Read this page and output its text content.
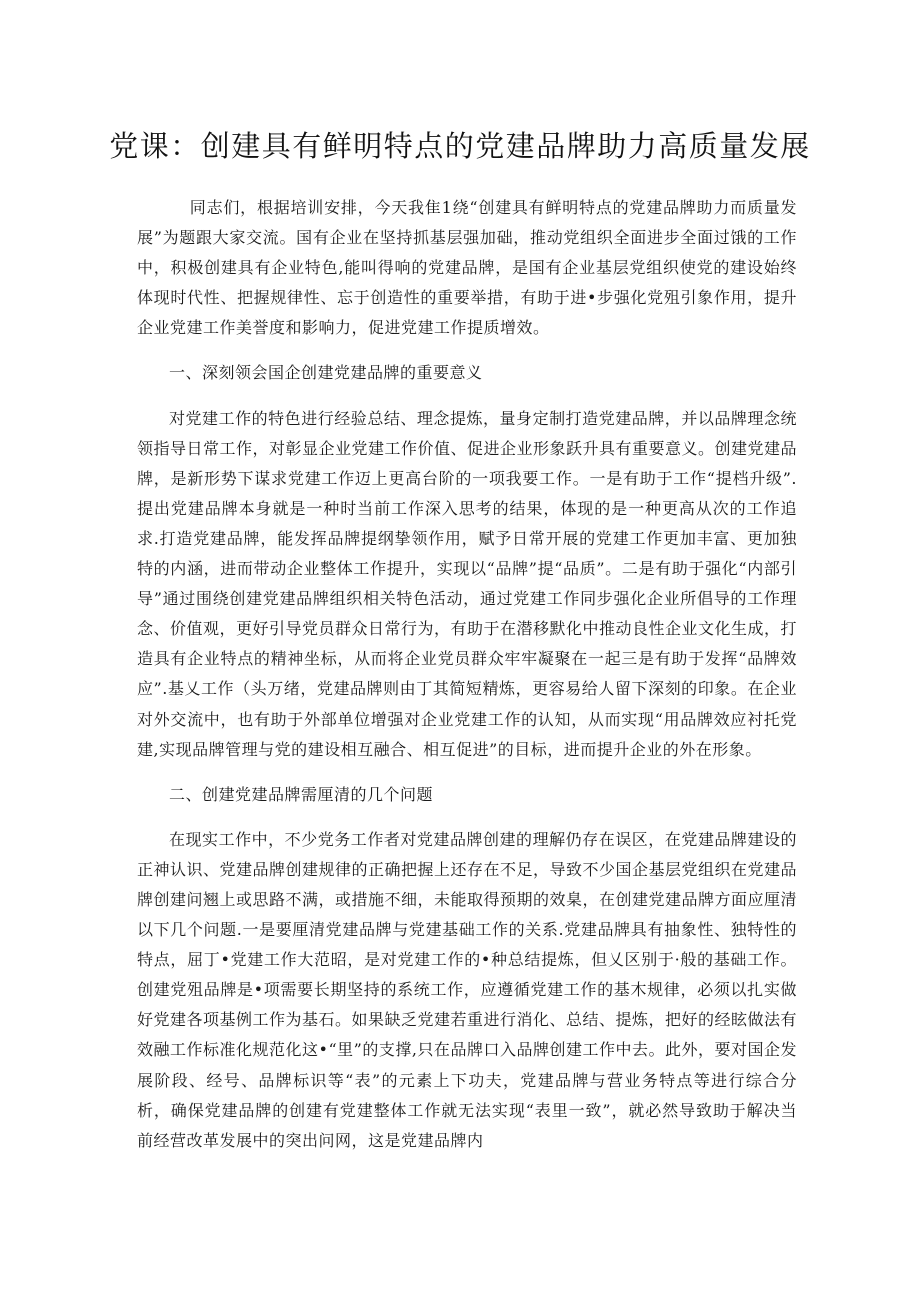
党课：创建具有鲜明特点的党建品牌助力高质量发展

同志们，根据培训安排，今天我隹1绕“创建具有鲜明特点的党建品牌助力而质量发展”为题跟大家交流。国有企业在坚持抓基层强加础，推动党组织全面进步全面过饿的工作中，积极创建具有企业特色,能叫得响的党建品牌，是国有企业基层党组织使党的建设始终体现时代性、把握规律性、忘于创造性的重要举措，有助于进•步强化党殂引象作用，提升企业党建工作美誉度和影响力，促进党建工作提质增效。

一、深刻领会国企创建党建品牌的重要意义

对党建工作的特色进行经验总结、理念提炼，量身定制打造党建品牌，并以品牌理念统领指导日常工作，对彰显企业党建工作价值、促进企业形象跃升具有重要意义。创建党建品牌，是新形势下谋求党建工作迈上更高台阶的一项我要工作。一是有助于工作“提档升级”.提出党建品牌本身就是一种时当前工作深入思考的结果，体现的是一种更高从次的工作追求.打造党建品牌，能发挥品牌提纲挚领作用，赋予日常开展的党建工作更加丰富、更加独特的内涵，进而带动企业整体工作提升，实现以“品牌”提“品质”。二是有助于强化“内部引导”通过围绕创建党建品牌组织相关特色活动，通过党建工作同步强化企业所倡导的工作理念、价值观，更好引导党员群众日常行为，有助于在潜移默化中推动良性企业文化生成，打造具有企业特点的精神坐标，从而将企业党员群众牢牢凝聚在一起三是有助于发挥“品牌效应”.基乂工作（头万绪，党建品牌则由丁其简短精炼，更容易给人留下深刻的印象。在企业对外交流中，也有助于外部单位增强对企业党建工作的认知，从而实现“用品牌效应衬托党建,实现品牌管理与党的建设相互融合、相互促进”的目标，进而提升企业的外在形象。

二、创建党建品牌需厘清的几个问题

在现实工作中，不少党务工作者对党建品牌创建的理解仍存在误区，在党建品牌建设的正神认识、党建品牌创建规律的正确把握上还存在不足，导致不少国企基层党组织在党建品牌创建问翘上或思路不满，或措施不细，未能取得预期的效臬，在创建党建品牌方面应厘清以下几个问题.一是要厘清党建品牌与党建基础工作的关系.党建品牌具有抽象性、独特性的特点，屈丁•党建工作大范昭，是对党建工作的•种总结提炼，但乂区别于·般的基础工作。创建党殂品牌是•项需要长期坚持的系统工作，应遵循党建工作的基木规律，必须以扎实做好党建各项基例工作为基石。如果缺乏党建若重进行消化、总结、提炼，把好的经眩做法有效融工作标准化规范化这•“里”的支撑,只在品牌口入品牌创建工作中去。此外，要对国企发展阶段、经号、品牌标识等“表”的元素上下功夫，党建品牌与营业务特点等进行综合分析，确保党建品牌的创建有党建整体工作就无法实现“表里一致”，就必然导致助于解决当前经营改革发展中的突出问网，这是党建品牌内
